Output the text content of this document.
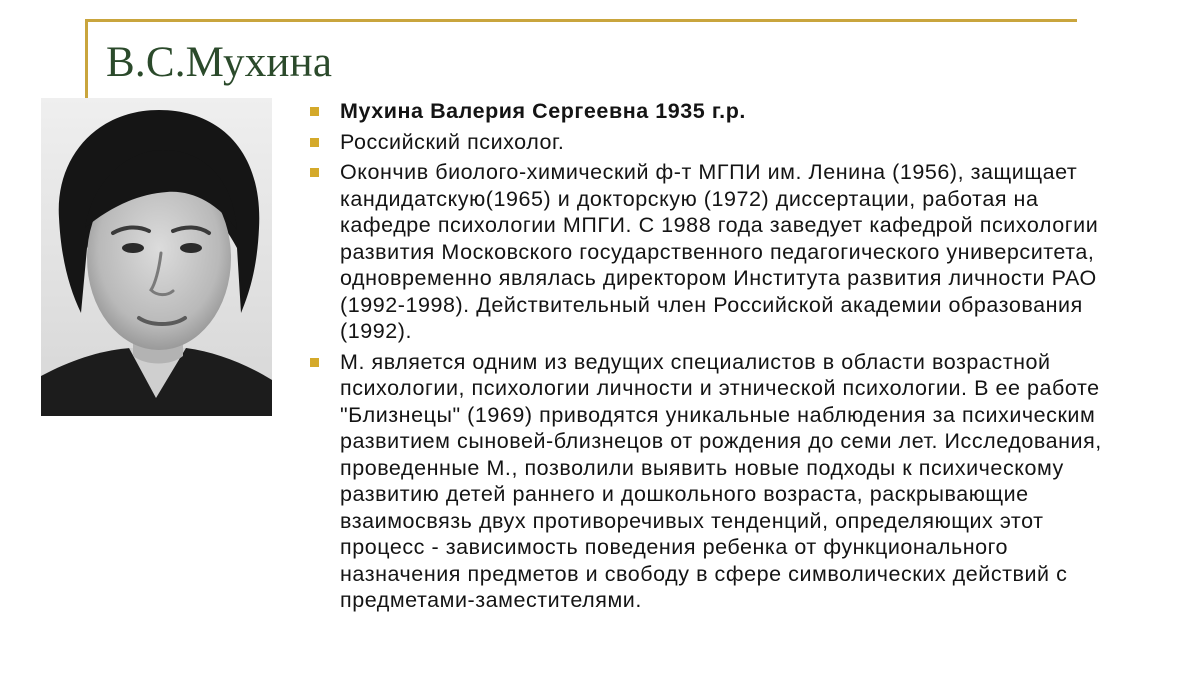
В.С.Мухина
Мухина Валерия Сергеевна 1935 г.р.
Российский психолог.
Окончив биолого-химический ф-т МГПИ им. Ленина (1956), защищает кандидатскую(1965) и докторскую (1972) диссертации, работая на кафедре психологии МПГИ. С 1988 года заведует кафедрой психологии развития Московского государственного педагогического университета, одновременно являлась директором Института развития личности РАО (1992-1998). Действительный член Российской академии образования (1992).
М. является одним из ведущих специалистов в области возрастной психологии, психологии личности и этнической психологии. В ее работе "Близнецы" (1969) приводятся уникальные наблюдения за психическим развитием сыновей-близнецов от рождения до семи лет. Исследования, проведенные М., позволили выявить новые подходы к психическому развитию детей раннего и дошкольного возраста, раскрывающие взаимосвязь двух противоречивых тенденций, определяющих этот процесс - зависимость поведения ребенка от функционального назначения предметов и свободу в сфере символических действий с предметами-заместителями.
